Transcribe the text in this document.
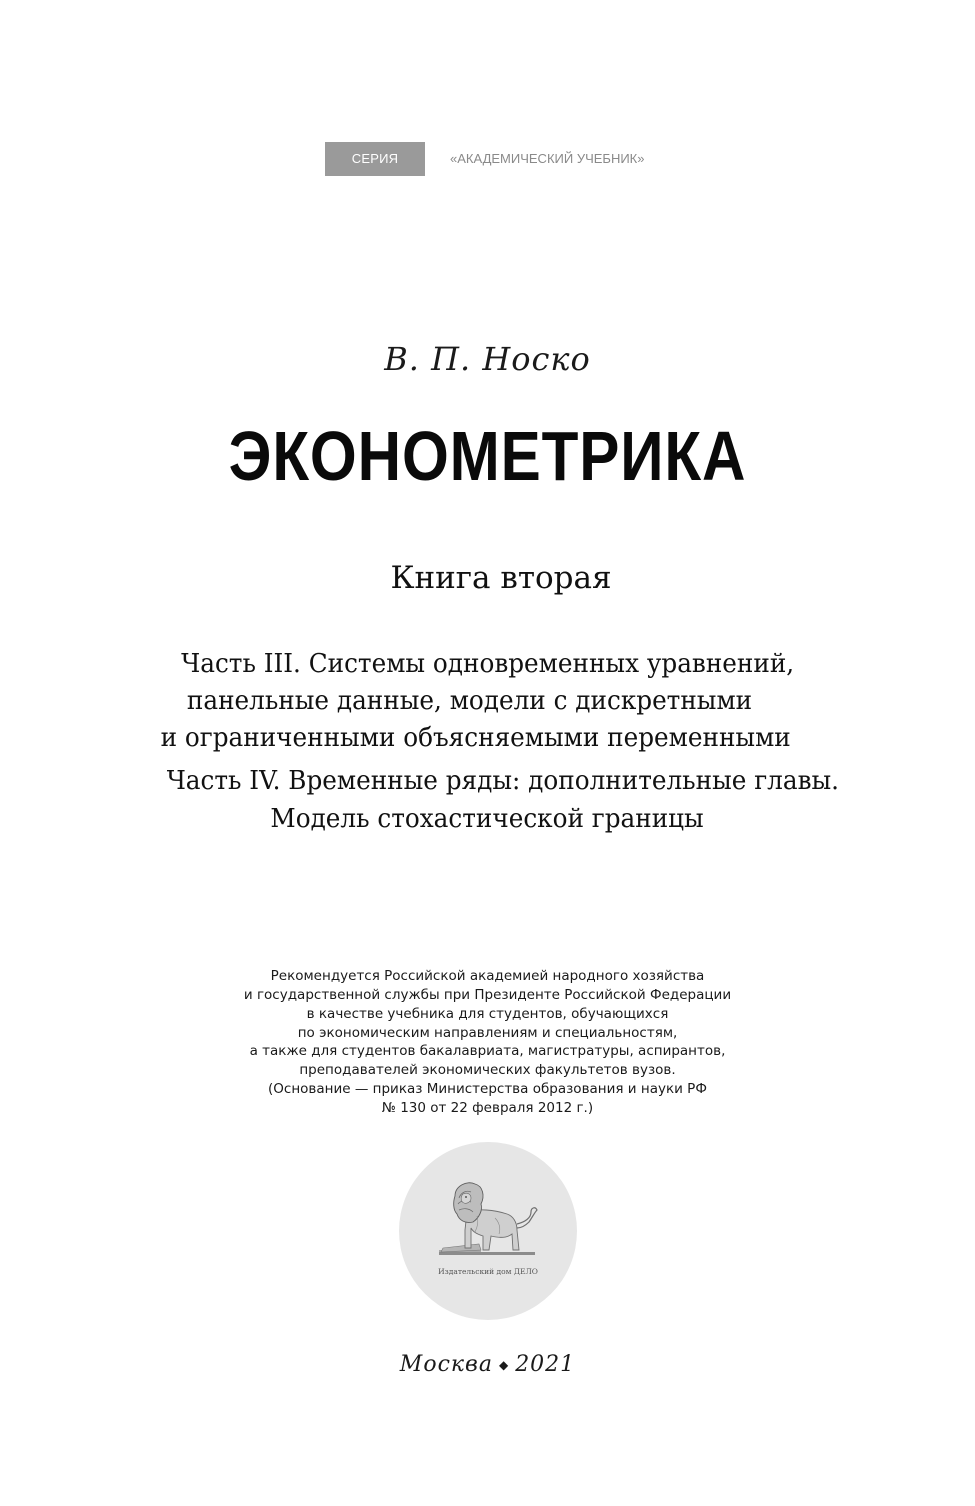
СЕРИЯ	«АКАДЕМИЧЕСКИЙ УЧЕБНИК»
В. П. Носко
ЭКОНОМЕТРИКА
Книга вторая
Часть III. Системы одновременных уравнений,
панельные данные, модели с дискретными
и ограниченными объясняемыми переменными
Часть IV. Временные ряды: дополнительные главы.
Модель стохастической границы
Рекомендуется Российской академией народного хозяйства
и государственной службы при Президенте Российской Федерации
в качестве учебника для студентов, обучающихся
по экономическим направлениям и специальностям,
а также для студентов бакалавриата, магистратуры, аспирантов,
преподавателей экономических факультетов вузов.
(Основание — приказ Министерства образования и науки РФ
№ 130 от 22 февраля 2012 г.)
Издательский дом ДЕЛО
Москва ◆ 2021
